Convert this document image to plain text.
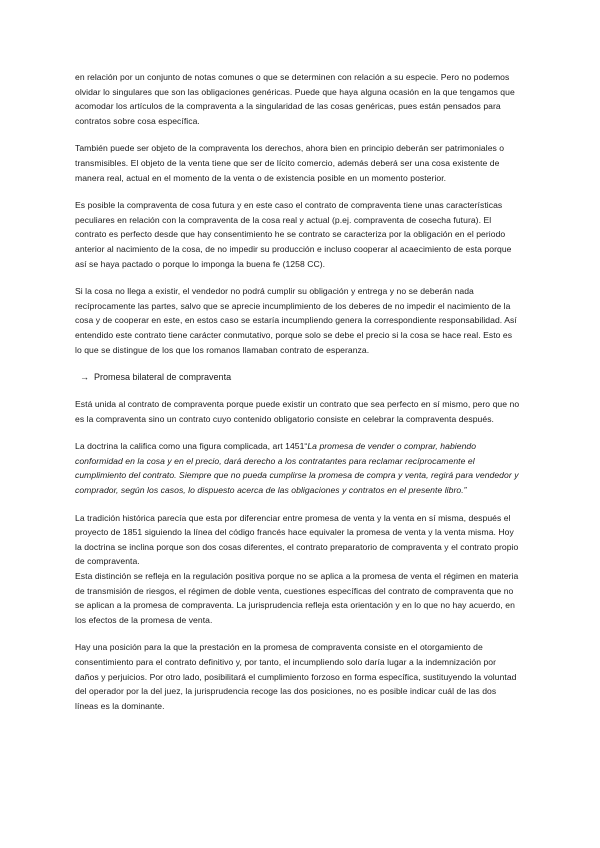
en relación por un conjunto de notas comunes o que se determinen con relación a su especie. Pero no podemos olvidar lo singulares que son las obligaciones genéricas. Puede que haya alguna ocasión en la que tengamos que acomodar los artículos de la compraventa a la singularidad de las cosas genéricas, pues están pensados para contratos sobre cosa específica.

También puede ser objeto de la compraventa los derechos, ahora bien en principio deberán ser patrimoniales o transmisibles. El objeto de la venta tiene que ser de lícito comercio, además deberá ser una cosa existente de manera real, actual en el momento de la venta o de existencia posible en un momento posterior.

Es posible la compraventa de cosa futura y en este caso el contrato de compraventa tiene unas características peculiares en relación con la compraventa de la cosa real y actual (p.ej. compraventa de cosecha futura). El contrato es perfecto desde que hay consentimiento he se contrato se caracteriza por la obligación en el periodo anterior al nacimiento de la cosa, de no impedir su producción e incluso cooperar al acaecimiento de esta porque así se haya pactado o porque lo imponga la buena fe (1258 CC).

Si la cosa no llega a existir, el vendedor no podrá cumplir su obligación y entrega y no se deberán nada recíprocamente las partes, salvo que se aprecie incumplimiento de los deberes de no impedir el nacimiento de la cosa y de cooperar en este, en estos caso se estaría incumpliendo genera la correspondiente responsabilidad. Así entendido este contrato tiene carácter conmutativo, porque solo se debe el precio si la cosa se hace real. Esto es lo que se distingue de los que los romanos llamaban contrato de esperanza.

→ Promesa bilateral de compraventa

Está unida al contrato de compraventa porque puede existir un contrato que sea perfecto en sí mismo, pero que no es la compraventa sino un contrato cuyo contenido obligatorio consiste en celebrar la compraventa después.

La doctrina la califica como una figura complicada, art 1451“La promesa de vender o comprar, habiendo conformidad en la cosa y en el precio, dará derecho a los contratantes para reclamar recíprocamente el cumplimiento del contrato. Siempre que no pueda cumplirse la promesa de compra y venta, regirá para vendedor y comprador, según los casos, lo dispuesto acerca de las obligaciones y contratos en el presente libro.”

La tradición histórica parecía que esta por diferenciar entre promesa de venta y la venta en sí misma, después el proyecto de 1851 siguiendo la línea del código francés hace equivaler la promesa de venta y la venta misma. Hoy la doctrina se inclina porque son dos cosas diferentes, el contrato preparatorio de compraventa y el contrato propio de compraventa.

Esta distinción se refleja en la regulación positiva porque no se aplica a la promesa de venta el régimen en materia de transmisión de riesgos, el régimen de doble venta, cuestiones específicas del contrato de compraventa que no se aplican a la promesa de compraventa. La jurisprudencia refleja esta orientación y en lo que no hay acuerdo, en los efectos de la promesa de venta.

Hay una posición para la que la prestación en la promesa de compraventa consiste en el otorgamiento de consentimiento para el contrato definitivo y, por tanto, el incumpliendo solo daría lugar a la indemnización por daños y perjuicios. Por otro lado, posibilitará el cumplimiento forzoso en forma específica, sustituyendo la voluntad del operador por la del juez, la jurisprudencia recoge las dos posiciones, no es posible indicar cuál de las dos líneas es la dominante.
